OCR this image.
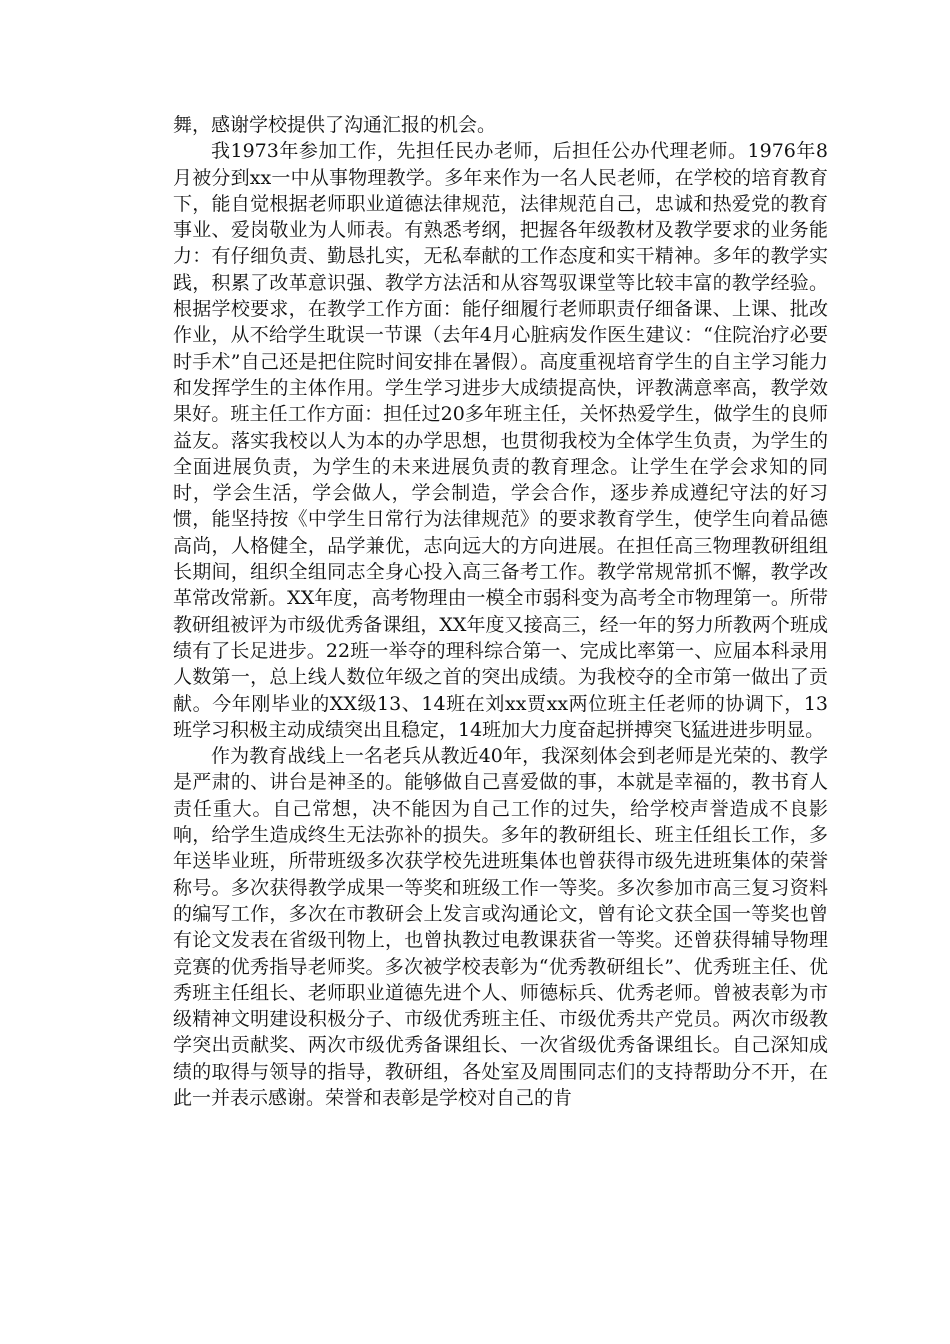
舞，感谢学校提供了沟通汇报的机会。

我1973年参加工作，先担任民办老师，后担任公办代理老师。1976年8月被分到xx一中从事物理教学。多年来作为一名人民老师，在学校的培育教育下，能自觉根据老师职业道德法律规范，法律规范自己，忠诚和热爱党的教育事业、爱岗敬业为人师表。有熟悉考纲，把握各年级教材及教学要求的业务能力：有仔细负责、勤恳扎实，无私奉献的工作态度和实干精神。多年的教学实践，积累了改革意识强、教学方法活和从容驾驭课堂等比较丰富的教学经验。根据学校要求，在教学工作方面：能仔细履行老师职责仔细备课、上课、批改作业，从不给学生耽误一节课（去年4月心脏病发作医生建议：“住院治疗必要时手术”自己还是把住院时间安排在暑假）。高度重视培育学生的自主学习能力和发挥学生的主体作用。学生学习进步大成绩提高快，评教满意率高，教学效果好。班主任工作方面：担任过20多年班主任，关怀热爱学生，做学生的良师益友。落实我校以人为本的办学思想，也贯彻我校为全体学生负责，为学生的全面进展负责，为学生的未来进展负责的教育理念。让学生在学会求知的同时，学会生活，学会做人，学会制造，学会合作，逐步养成遵纪守法的好习惯，能坚持按《中学生日常行为法律规范》的要求教育学生，使学生向着品德高尚，人格健全，品学兼优，志向远大的方向进展。在担任高三物理教研组组长期间，组织全组同志全身心投入高三备考工作。教学常规常抓不懈，教学改革常改常新。XX年度，高考物理由一模全市弱科变为高考全市物理第一。所带教研组被评为市级优秀备课组，XX年度又接高三，经一年的努力所教两个班成绩有了长足进步。22班一举夺的理科综合第一、完成比率第一、应届本科录用人数第一，总上线人数位年级之首的突出成绩。为我校夺的全市第一做出了贡献。今年刚毕业的XX级13、14班在刘xx贾xx两位班主任老师的协调下，13班学习积极主动成绩突出且稳定，14班加大力度奋起拼搏突飞猛进进步明显。

作为教育战线上一名老兵从教近40年，我深刻体会到老师是光荣的、教学是严肃的、讲台是神圣的。能够做自己喜爱做的事，本就是幸福的，教书育人责任重大。自己常想，决不能因为自己工作的过失，给学校声誉造成不良影响，给学生造成终生无法弥补的损失。多年的教研组长、班主任组长工作，多年送毕业班，所带班级多次获学校先进班集体也曾获得市级先进班集体的荣誉称号。多次获得教学成果一等奖和班级工作一等奖。多次参加市高三复习资料的编写工作，多次在市教研会上发言或沟通论文，曾有论文获全国一等奖也曾有论文发表在省级刊物上，也曾执教过电教课获省一等奖。还曾获得辅导物理竞赛的优秀指导老师奖。多次被学校表彰为“优秀教研组长”、优秀班主任、优秀班主任组长、老师职业道德先进个人、师德标兵、优秀老师。曾被表彰为市级精神文明建设积极分子、市级优秀班主任、市级优秀共产党员。两次市级教学突出贡献奖、两次市级优秀备课组长、一次省级优秀备课组长。自己深知成绩的取得与领导的指导，教研组，各处室及周围同志们的支持帮助分不开，在此一并表示感谢。荣誉和表彰是学校对自己的肯
